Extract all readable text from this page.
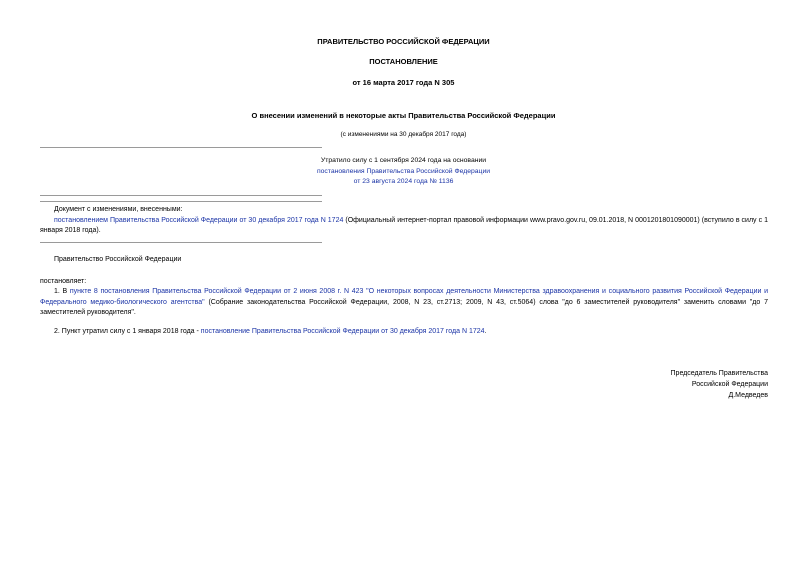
ПРАВИТЕЛЬСТВО РОССИЙСКОЙ ФЕДЕРАЦИИ
ПОСТАНОВЛЕНИЕ
от 16 марта 2017 года N 305
О внесении изменений в некоторые акты Правительства Российской Федерации
(с изменениями на 30 декабря 2017 года)
Утратило силу с 1 сентября 2024 года на основании
постановления Правительства Российской Федерации
от 23 августа 2024 года № 1136
Документ с изменениями, внесенными:
постановлением Правительства Российской Федерации от 30 декабря 2017 года N 1724 (Официальный интернет-портал правовой информации www.pravo.gov.ru, 09.01.2018, N 0001201801090001) (вступило в силу с 1 января 2018 года).
Правительство Российской Федерации
постановляет:
1. В пункте 8 постановления Правительства Российской Федерации от 2 июня 2008 г. N 423 "О некоторых вопросах деятельности Министерства здравоохранения и социального развития Российской Федерации и Федерального медико-биологического агентства" (Собрание законодательства Российской Федерации, 2008, N 23, ст.2713; 2009, N 43, ст.5064) слова "до 6 заместителей руководителя" заменить словами "до 7 заместителей руководителя".
2. Пункт утратил силу с 1 января 2018 года - постановление Правительства Российской Федерации от 30 декабря 2017 года N 1724.
Председатель Правительства
Российской Федерации
Д.Медведев
